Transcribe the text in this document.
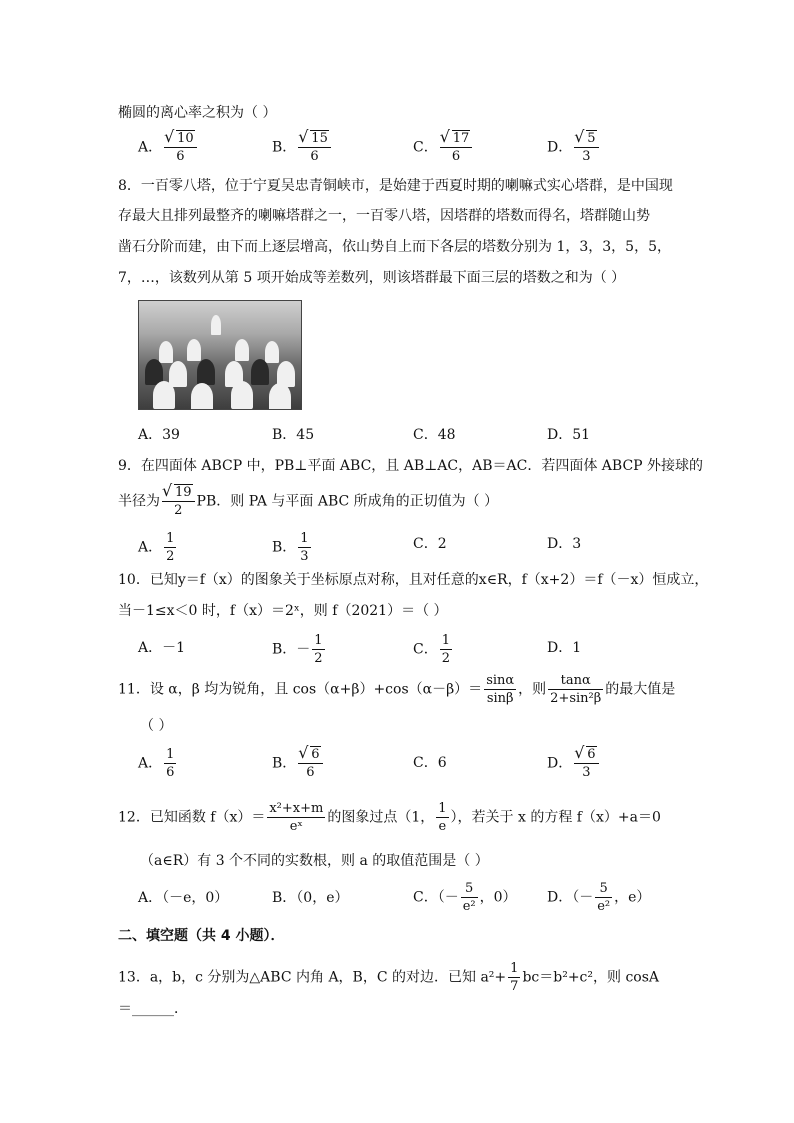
椭圆的离心率之积为（ ）
A． √ $\frac{10}{6}$	B． √ $\frac{15}{6}$	C． √ $\frac{17}{6}$	D． √ $\frac{5}{3}$
8．一百零八塔，位于宁夏吴忠青铜峡市，是始建于西夏时期的喇嘛式实心塔群，是中国现
存最大且排列最整齐的喇嘛塔群之一，一百零八塔，因塔群的塔数而得名，塔群随山势
凿石分阶而建，由下而上逐层增高，依山势自上而下各层的塔数分别为 1，3，3，5，5，
7，…，该数列从第 5 项开始成等差数列，则该塔群最下面三层的塔数之和为（ ）
A．39	B．45	C．48	D．51
9．在四面体 ABCP 中，PB⊥平面 ABC，且 AB⊥AC，AB＝AC．若四面体 ABCP 外接球的
半径为 √ $\frac{19}{2}$ PB．则 PA 与平面 ABC 所成角的正切值为（ ）
A． $\frac{1}{2}$	B． $\frac{1}{3}$	C．2	D．3
10．已知y＝f（x）的图象关于坐标原点对称，且对任意的x∈R，f（x+2）＝f（－x）恒成立，
当－1≤x＜0 时，f（x）＝2ˣ，则 f（2021）＝（ ）
A．－1	B．－ $\frac{1}{2}$	C． $\frac{1}{2}$	D．1
11．设 α，β 均为锐角，且 $\cos(\alpha+\beta)+\cos(\alpha-\beta)= \frac{\sin\alpha}{\sin\beta}$ ，则 $\frac{\tan\alpha}{\text{2+sin²β}}$ 的最大值是
（ ）
A． $\frac{1}{6}$	B． √ $\frac{6}{6}$	C．6	D． √ $\frac{6}{3}$
12．已知函数 $f(x)= \frac{\text{x²+x+m}}{\text{eˣ}}$ 的图象过点（1， $\frac{1}{e}$ ），若关于 x 的方程 f（x）+a＝0
（a∈R）有 3 个不同的实数根，则 a 的取值范围是（ ）
A．（－e，0）	B．（0，e）	C．（－ $\frac{5}{\text{e²}}$ ，0） D．（－ $\frac{5}{\text{e²}}$ ，e）
二、填空题（共 4 小题）．
13．a，b，c 分别为△ABC 内角 A，B，C 的对边．已知 $a^2+ \frac{1}{7} bc=b^2+c^2$，则 cosA
＝______．
